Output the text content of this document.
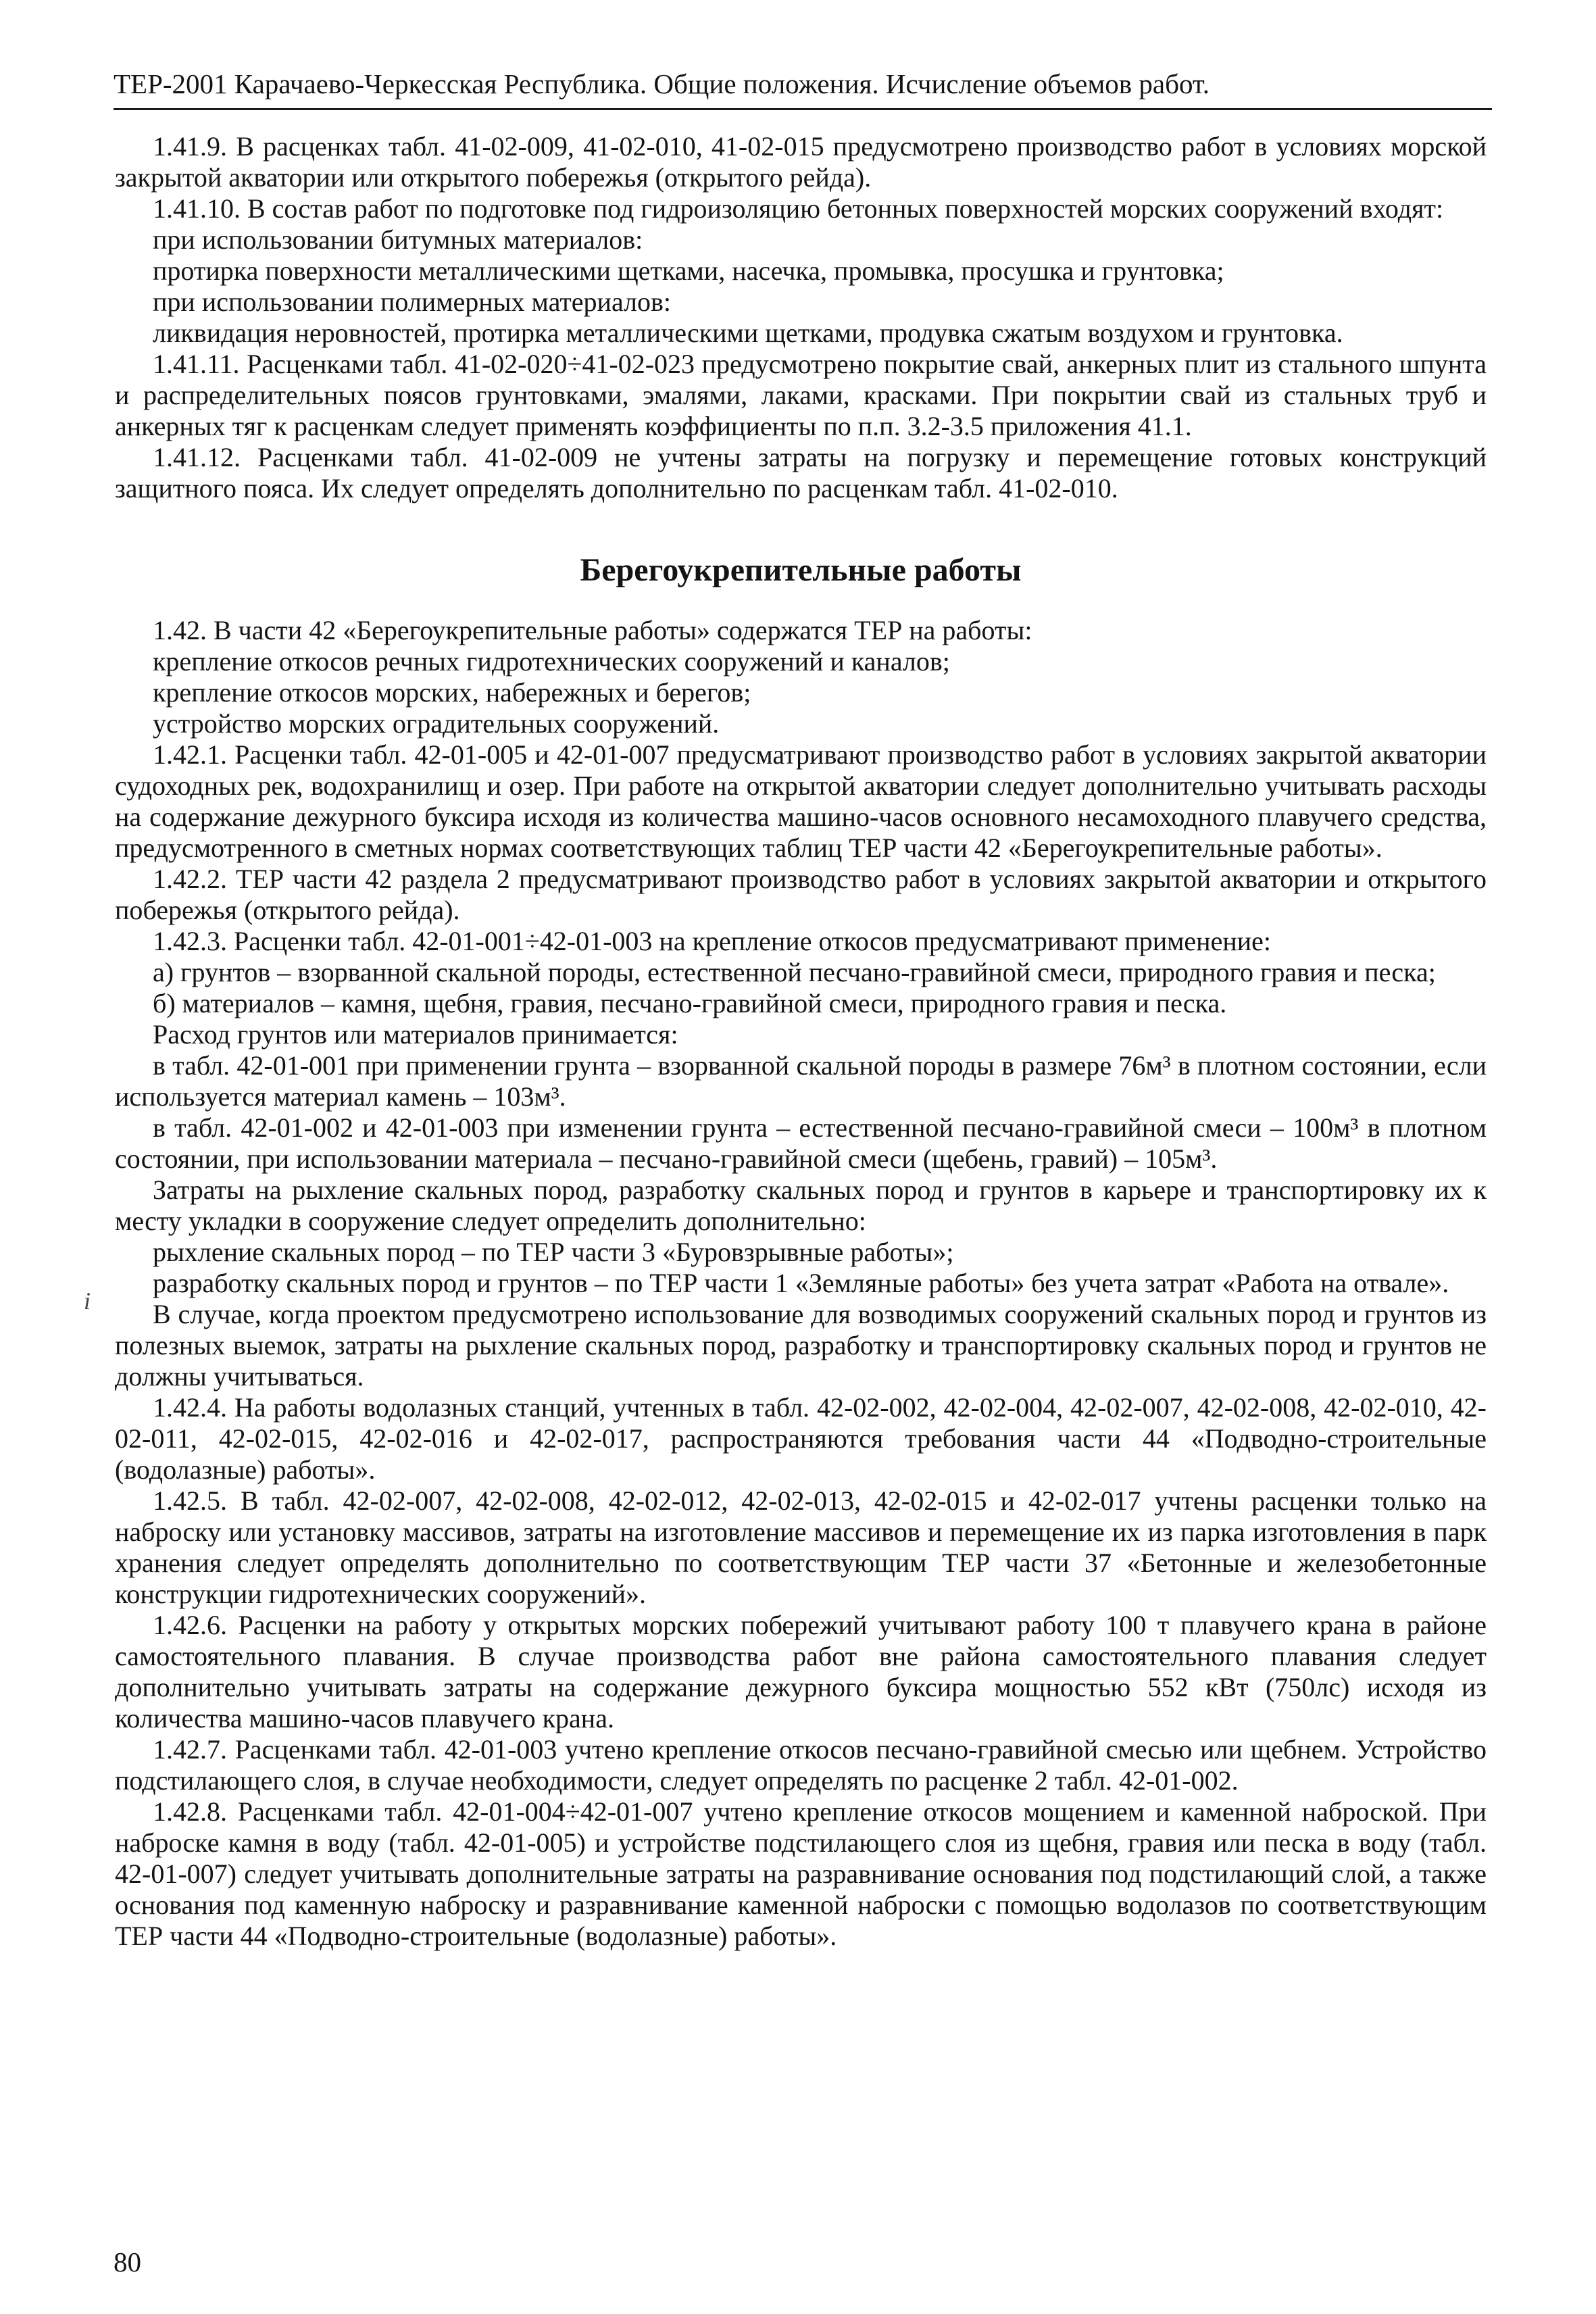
ТЕР-2001 Карачаево-Черкесская Республика. Общие положения. Исчисление объемов работ.

1.41.9. В расценках табл. 41-02-009, 41-02-010, 41-02-015 предусмотрено производство работ в условиях морской закрытой акватории или открытого побережья (открытого рейда).

1.41.10. В состав работ по подготовке под гидроизоляцию бетонных поверхностей морских сооружений входят:

при использовании битумных материалов:

протирка поверхности металлическими щетками, насечка, промывка, просушка и грунтовка;

при использовании полимерных материалов:

ликвидация неровностей, протирка металлическими щетками, продувка сжатым воздухом и грунтовка.

1.41.11. Расценками табл. 41-02-020÷41-02-023 предусмотрено покрытие свай, анкерных плит из стального шпунта и распределительных поясов грунтовками, эмалями, лаками, красками. При покрытии свай из стальных труб и анкерных тяг к расценкам следует применять коэффициенты по п.п. 3.2-3.5 приложения 41.1.

1.41.12. Расценками табл. 41-02-009 не учтены затраты на погрузку и перемещение готовых конструкций защитного пояса. Их следует определять дополнительно по расценкам табл. 41-02-010.

Берегоукрепительные работы

1.42. В части 42 «Берегоукрепительные работы» содержатся ТЕР на работы:

крепление откосов речных гидротехнических сооружений и каналов;

крепление откосов морских, набережных и берегов;

устройство морских оградительных сооружений.

1.42.1. Расценки табл. 42-01-005 и 42-01-007 предусматривают производство работ в условиях закрытой акватории судоходных рек, водохранилищ и озер. При работе на открытой акватории следует дополнительно учитывать расходы на содержание дежурного буксира исходя из количества машино-часов основного несамоходного плавучего средства, предусмотренного в сметных нормах соответствующих таблиц ТЕР части 42 «Берегоукрепительные работы».

1.42.2. ТЕР части 42 раздела 2 предусматривают производство работ в условиях закрытой акватории и открытого побережья (открытого рейда).

1.42.3. Расценки табл. 42-01-001÷42-01-003 на крепление откосов предусматривают применение:

а) грунтов – взорванной скальной породы, естественной песчано-гравийной смеси, природного гравия и песка;

б) материалов – камня, щебня, гравия, песчано-гравийной смеси, природного гравия и песка.

Расход грунтов или материалов принимается:

в табл. 42-01-001 при применении грунта – взорванной скальной породы в размере 76м³ в плотном состоянии, если используется материал камень – 103м³.

в табл. 42-01-002 и 42-01-003 при изменении грунта – естественной песчано-гравийной смеси – 100м³ в плотном состоянии, при использовании материала – песчано-гравийной смеси (щебень, гравий) – 105м³.

Затраты на рыхление скальных пород, разработку скальных пород и грунтов в карьере и транспортировку их к месту укладки в сооружение следует определить дополнительно:

рыхление скальных пород – по ТЕР части 3 «Буровзрывные работы»;

разработку скальных пород и грунтов – по ТЕР части 1 «Земляные работы» без учета затрат «Работа на отвале».

В случае, когда проектом предусмотрено использование для возводимых сооружений скальных пород и грунтов из полезных выемок, затраты на рыхление скальных пород, разработку и транспортировку скальных пород и грунтов не должны учитываться.

1.42.4. На работы водолазных станций, учтенных в табл. 42-02-002, 42-02-004, 42-02-007, 42-02-008, 42-02-010, 42-02-011, 42-02-015, 42-02-016 и 42-02-017, распространяются требования части 44 «Подводно-строительные (водолазные) работы».

1.42.5. В табл. 42-02-007, 42-02-008, 42-02-012, 42-02-013, 42-02-015 и 42-02-017 учтены расценки только на наброску или установку массивов, затраты на изготовление массивов и перемещение их из парка изготовления в парк хранения следует определять дополнительно по соответствующим ТЕР части 37 «Бетонные и железобетонные конструкции гидротехнических сооружений».

1.42.6. Расценки на работу у открытых морских побережий учитывают работу 100 т плавучего крана в районе самостоятельного плавания. В случае производства работ вне района самостоятельного плавания следует дополнительно учитывать затраты на содержание дежурного буксира мощностью 552 кВт (750лс) исходя из количества машино-часов плавучего крана.

1.42.7. Расценками табл. 42-01-003 учтено крепление откосов песчано-гравийной смесью или щебнем. Устройство подстилающего слоя, в случае необходимости, следует определять по расценке 2 табл. 42-01-002.

1.42.8. Расценками табл. 42-01-004÷42-01-007 учтено крепление откосов мощением и каменной наброской. При наброске камня в воду (табл. 42-01-005) и устройстве подстилающего слоя из щебня, гравия или песка в воду (табл. 42-01-007) следует учитывать дополнительные затраты на разравнивание основания под подстилающий слой, а также основания под каменную наброску и разравнивание каменной наброски с помощью водолазов по соответствующим ТЕР части 44 «Подводно-строительные (водолазные) работы».

i
80
